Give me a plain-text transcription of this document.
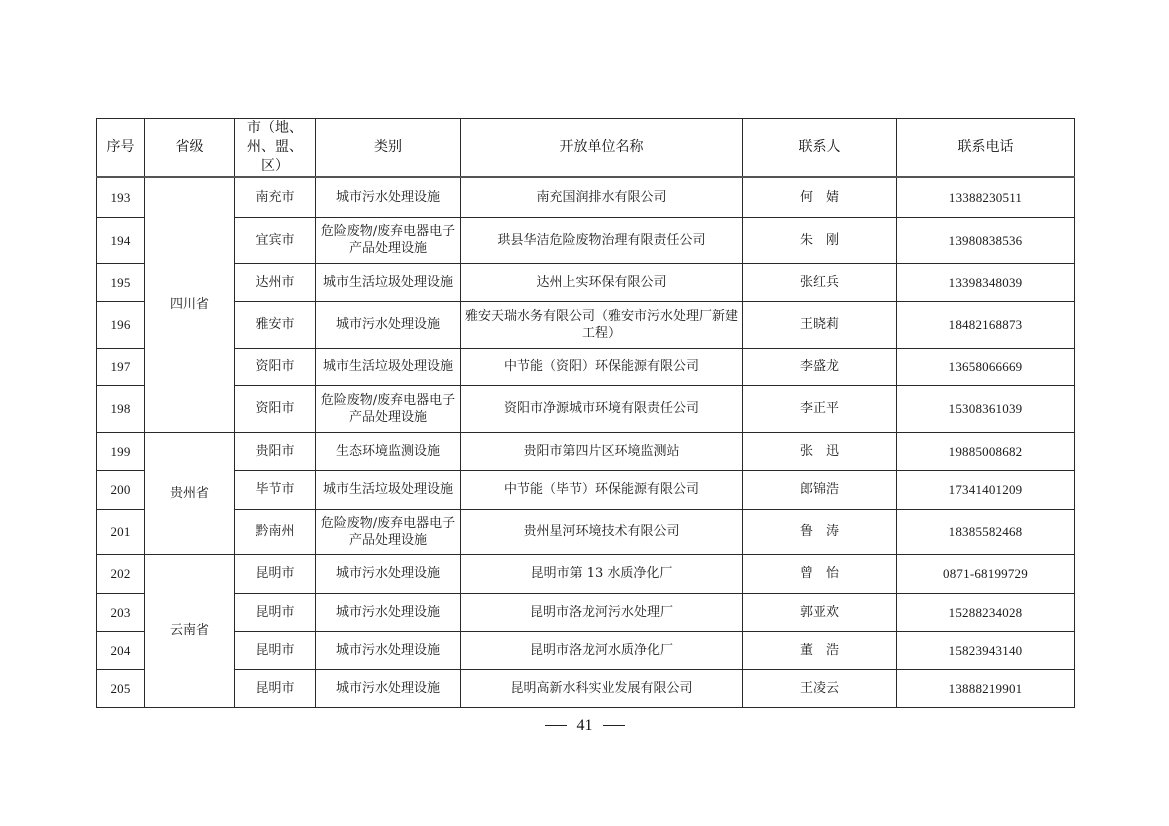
序号	省级	市（地、州、盟、区）	类别	开放单位名称	联系人	联系电话
193	四川省	南充市	城市污水处理设施	南充国润排水有限公司	何　婧	13388230511
194		宜宾市	危险废物/废弃电器电子产品处理设施	珙县华洁危险废物治理有限责任公司	朱　刚	13980838536
195		达州市	城市生活垃圾处理设施	达州上实环保有限公司	张红兵	13398348039
196		雅安市	城市污水处理设施	雅安天瑞水务有限公司（雅安市污水处理厂新建工程）	王晓莉	18482168873
197		资阳市	城市生活垃圾处理设施	中节能（资阳）环保能源有限公司	李盛龙	13658066669
198		资阳市	危险废物/废弃电器电子产品处理设施	资阳市净源城市环境有限责任公司	李正平	15308361039
199	贵州省	贵阳市	生态环境监测设施	贵阳市第四片区环境监测站	张　迅	19885008682
200		毕节市	城市生活垃圾处理设施	中节能（毕节）环保能源有限公司	郎锦浩	17341401209
201		黔南州	危险废物/废弃电器电子产品处理设施	贵州星河环境技术有限公司	鲁　涛	18385582468
202	云南省	昆明市	城市污水处理设施	昆明市第 13 水质净化厂	曾　怡	0871-68199729
203		昆明市	城市污水处理设施	昆明市洛龙河污水处理厂	郭亚欢	15288234028
204		昆明市	城市污水处理设施	昆明市洛龙河水质净化厂	董　浩	15823943140
205		昆明市	城市污水处理设施	昆明高新水科实业发展有限公司	王凌云	13888219901
41
